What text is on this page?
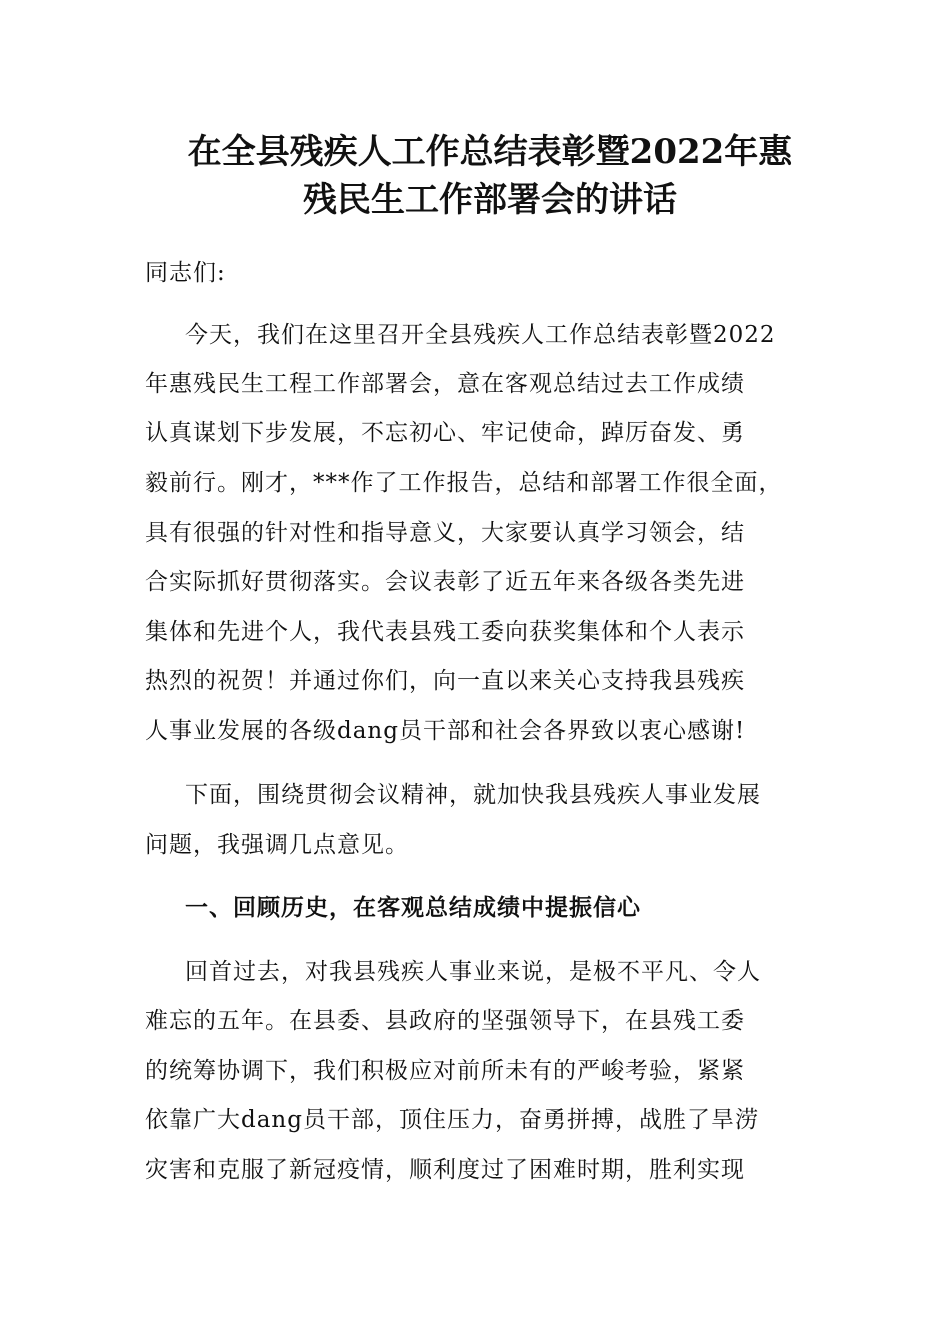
在全县残疾人工作总结表彰暨2022年惠
残民生工作部署会的讲话
同志们:
今天，我们在这里召开全县残疾人工作总结表彰暨2022
年惠残民生工程工作部署会，意在客观总结过去工作成绩
认真谋划下步发展，不忘初心、牢记使命，踔厉奋发、勇
毅前行。刚才，***作了工作报告，总结和部署工作很全面，
具有很强的针对性和指导意义，大家要认真学习领会，结
合实际抓好贯彻落实。会议表彰了近五年来各级各类先进
集体和先进个人，我代表县残工委向获奖集体和个人表示
热烈的祝贺！并通过你们，向一直以来关心支持我县残疾
人事业发展的各级dang员干部和社会各界致以衷心感谢!
下面，围绕贯彻会议精神，就加快我县残疾人事业发展
问题，我强调几点意见。
一、回顾历史，在客观总结成绩中提振信心
回首过去，对我县残疾人事业来说，是极不平凡、令人
难忘的五年。在县委、县政府的坚强领导下，在县残工委
的统筹协调下，我们积极应对前所未有的严峻考验，紧紧
依靠广大dang员干部，顶住压力，奋勇拼搏，战胜了旱涝
灾害和克服了新冠疫情，顺利度过了困难时期，胜利实现
